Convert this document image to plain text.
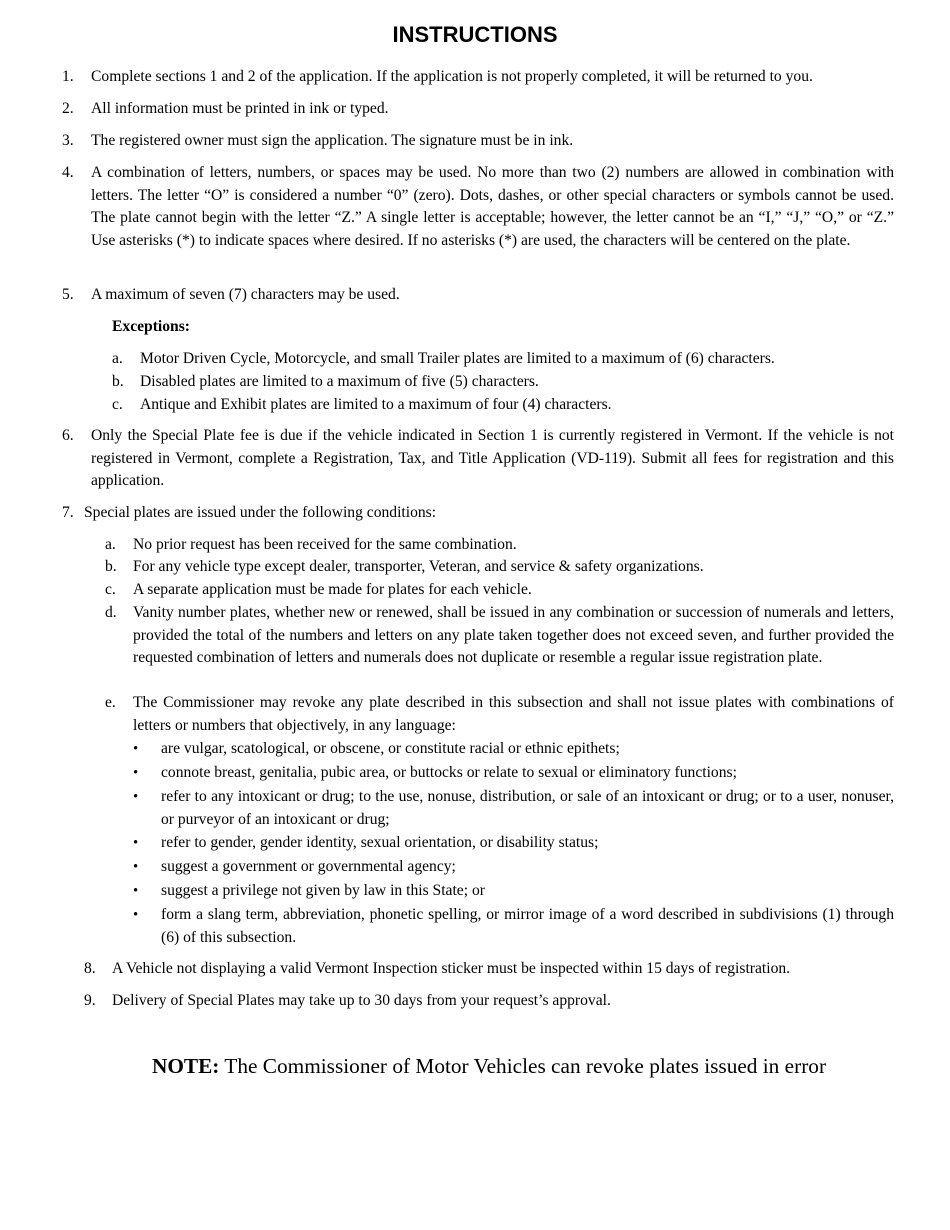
INSTRUCTIONS
1. Complete sections 1 and 2 of the application. If the application is not properly completed, it will be returned to you.
2. All information must be printed in ink or typed.
3. The registered owner must sign the application. The signature must be in ink.
4. A combination of letters, numbers, or spaces may be used. No more than two (2) numbers are allowed in combination with letters. The letter “O” is considered a number “0” (zero). Dots, dashes, or other special characters or symbols cannot be used. The plate cannot begin with the letter “Z.” A single letter is acceptable; however, the letter cannot be an “I,” “J,” “O,” or “Z.” Use asterisks (*) to indicate spaces where desired. If no asterisks (*) are used, the characters will be centered on the plate.
5. A maximum of seven (7) characters may be used.
Exceptions:
a. Motor Driven Cycle, Motorcycle, and small Trailer plates are limited to a maximum of (6) characters.
b. Disabled plates are limited to a maximum of five (5) characters.
c. Antique and Exhibit plates are limited to a maximum of four (4) characters.
6. Only the Special Plate fee is due if the vehicle indicated in Section 1 is currently registered in Vermont. If the vehicle is not registered in Vermont, complete a Registration, Tax, and Title Application (VD-119). Submit all fees for registration and this application.
7. Special plates are issued under the following conditions:
a. No prior request has been received for the same combination.
b. For any vehicle type except dealer, transporter, Veteran, and service & safety organizations.
c. A separate application must be made for plates for each vehicle.
d. Vanity number plates, whether new or renewed, shall be issued in any combination or succession of numerals and letters, provided the total of the numbers and letters on any plate taken together does not exceed seven, and further provided the requested combination of letters and numerals does not duplicate or resemble a regular issue registration plate.
e. The Commissioner may revoke any plate described in this subsection and shall not issue plates with combinations of letters or numbers that objectively, in any language:
• are vulgar, scatological, or obscene, or constitute racial or ethnic epithets;
• connote breast, genitalia, pubic area, or buttocks or relate to sexual or eliminatory functions;
• refer to any intoxicant or drug; to the use, nonuse, distribution, or sale of an intoxicant or drug; or to a user, nonuser, or purveyor of an intoxicant or drug;
• refer to gender, gender identity, sexual orientation, or disability status;
• suggest a government or governmental agency;
• suggest a privilege not given by law in this State; or
• form a slang term, abbreviation, phonetic spelling, or mirror image of a word described in subdivisions (1) through (6) of this subsection.
8. A Vehicle not displaying a valid Vermont Inspection sticker must be inspected within 15 days of registration.
9. Delivery of Special Plates may take up to 30 days from your request’s approval.
NOTE: The Commissioner of Motor Vehicles can revoke plates issued in error
